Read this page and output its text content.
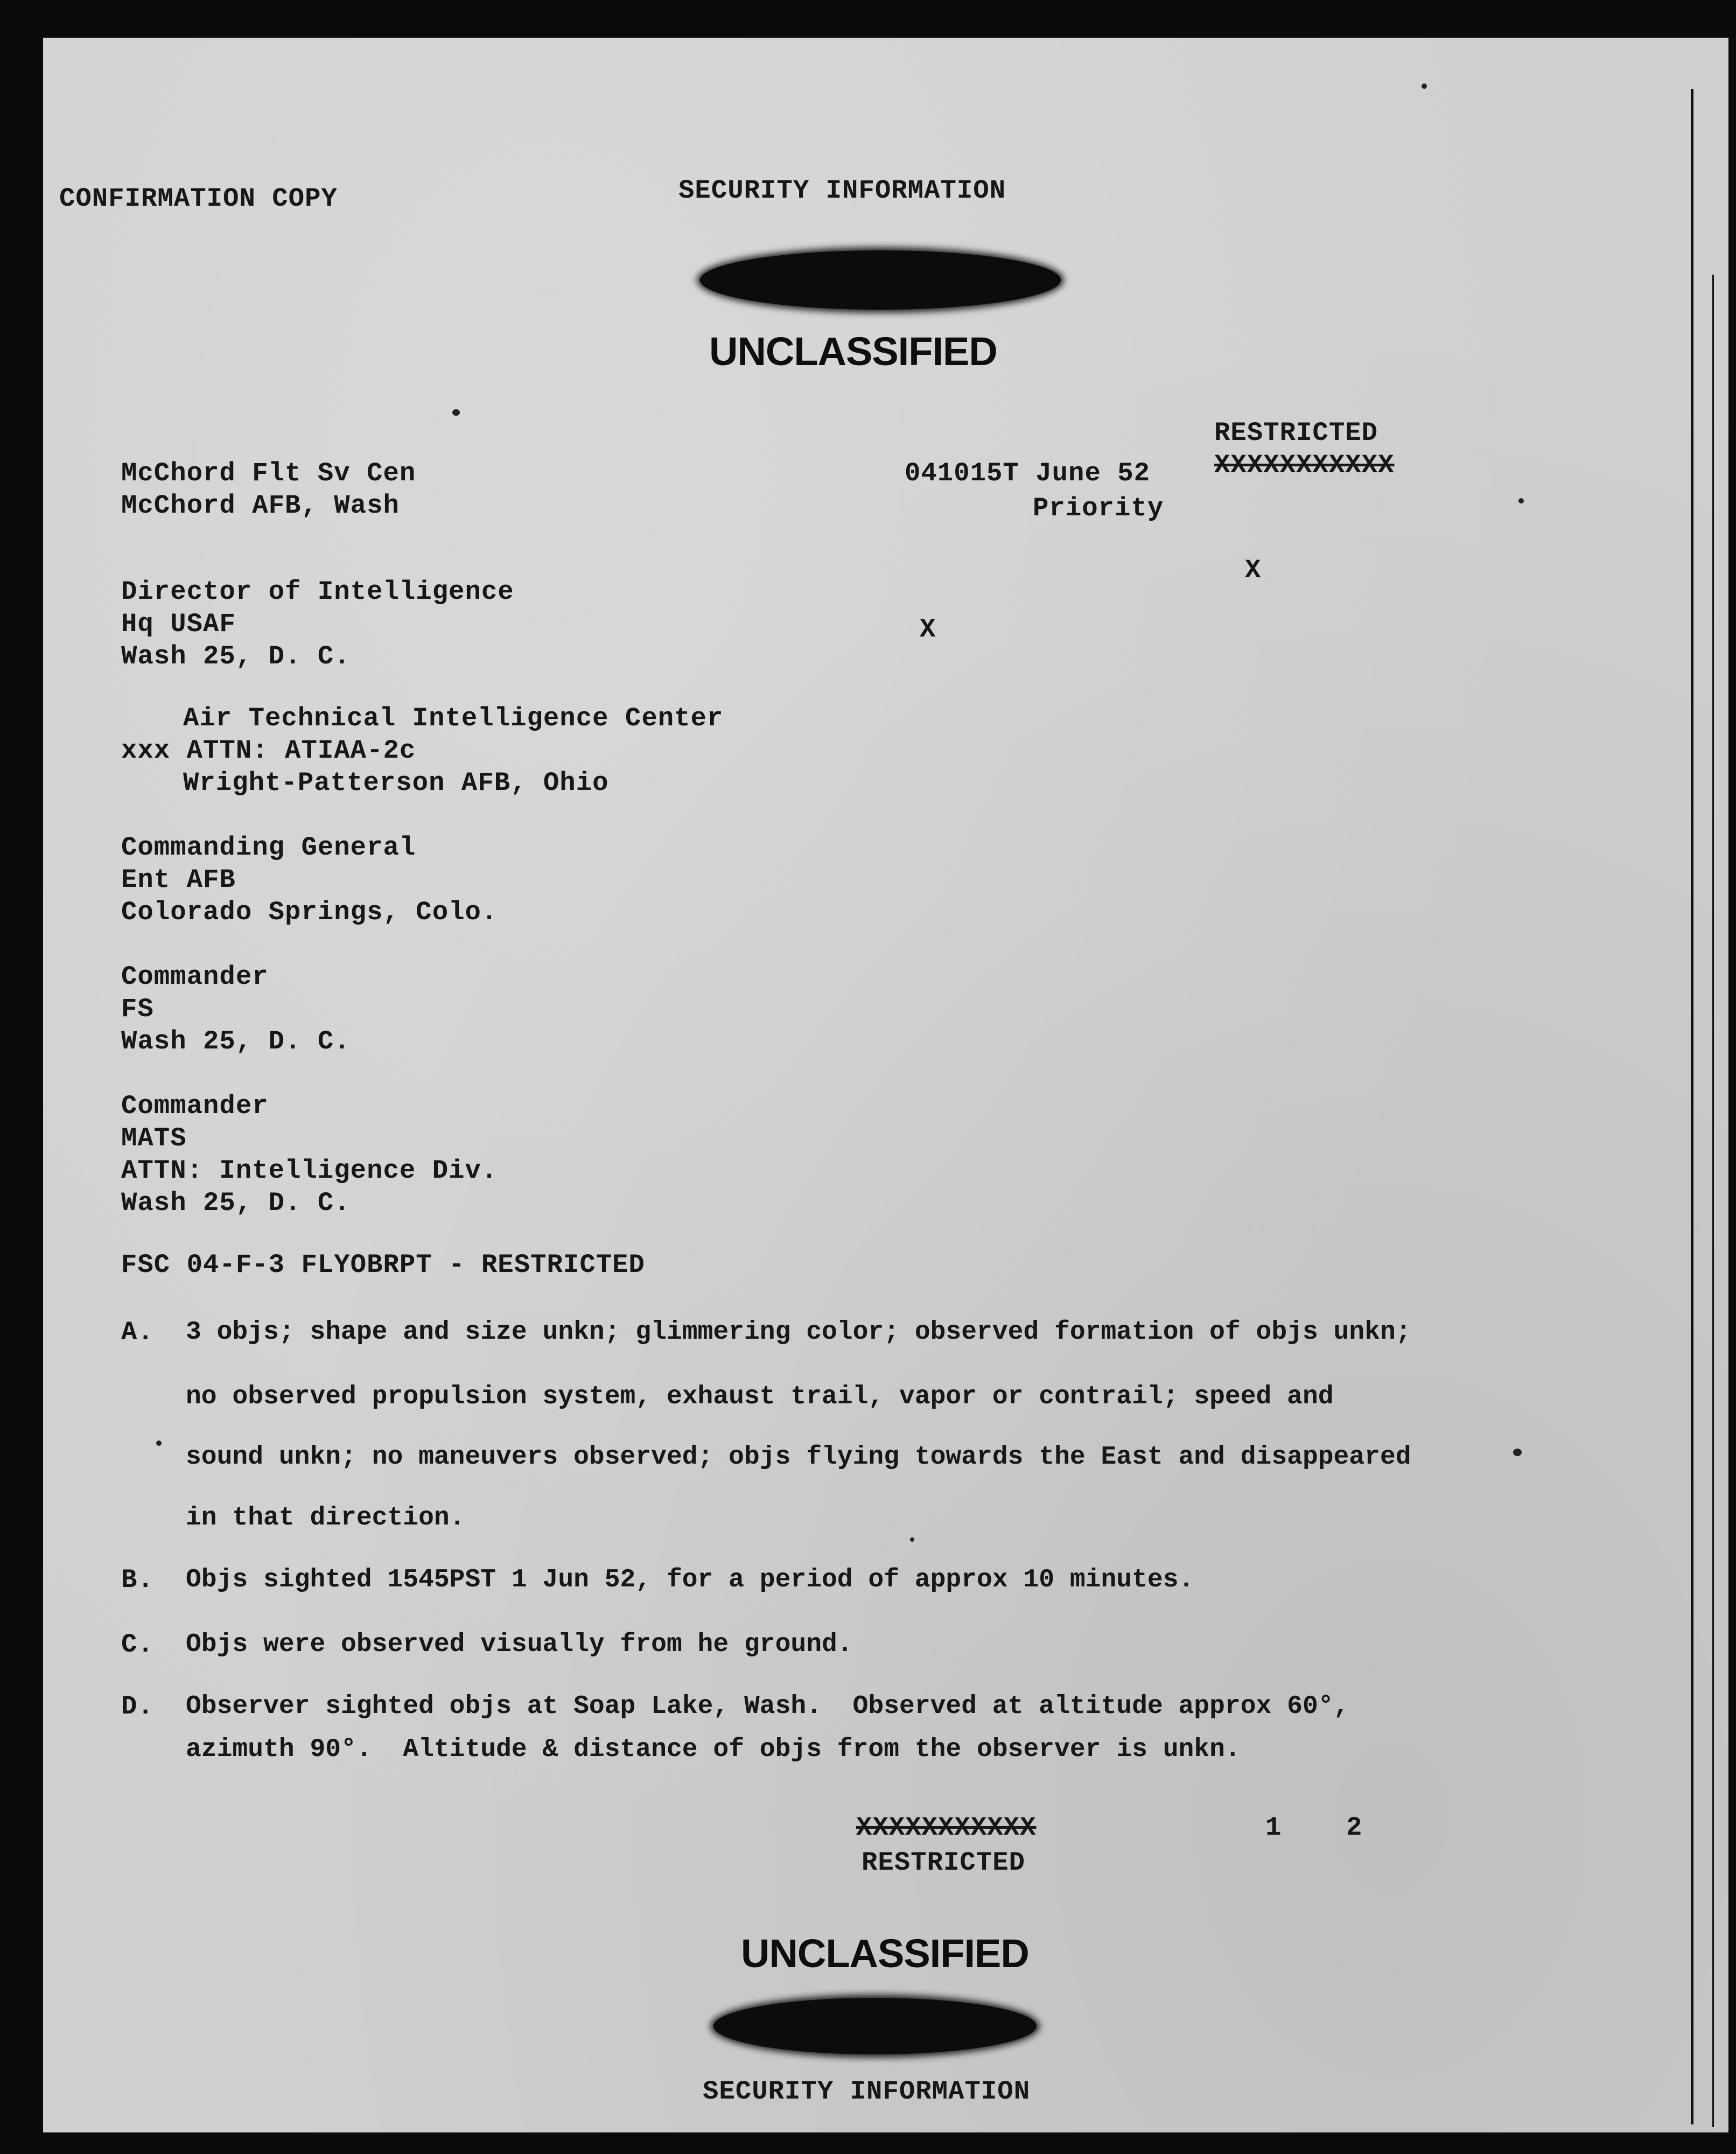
CONFIRMATION COPY	SECURITY INFORMATION
UNCLASSIFIED
RESTRICTED
XXXXXXXXXXX
McChord Flt Sv Cen
McChord AFB, Wash
041015T June 52
Priority
X
X
Director of Intelligence
Hq USAF
Wash 25, D. C.
Air Technical Intelligence Center
xxx ATTN: ATIAA-2c
Wright-Patterson AFB, Ohio
Commanding General
Ent AFB
Colorado Springs, Colo.
Commander
FS
Wash 25, D. C.
Commander
MATS
ATTN: Intelligence Div.
Wash 25, D. C.
FSC 04-F-3 FLYOBRPT - RESTRICTED
A. 3 objs; shape and size unkn; glimmering color; observed formation of objs unkn;
no observed propulsion system, exhaust trail, vapor or contrail; speed and
sound unkn; no maneuvers observed; objs flying towards the East and disappeared
in that direction.
B. Objs sighted 1545PST 1 Jun 52, for a period of approx 10 minutes.
C. Objs were observed visually from he ground.
D. Observer sighted objs at Soap Lake, Wash.  Observed at altitude approx 60°,
azimuth 90°.  Altitude & distance of objs from the observer is unkn.
XXXXXXXXXXX
RESTRICTED
1 2
UNCLASSIFIED
SECURITY INFORMATION
